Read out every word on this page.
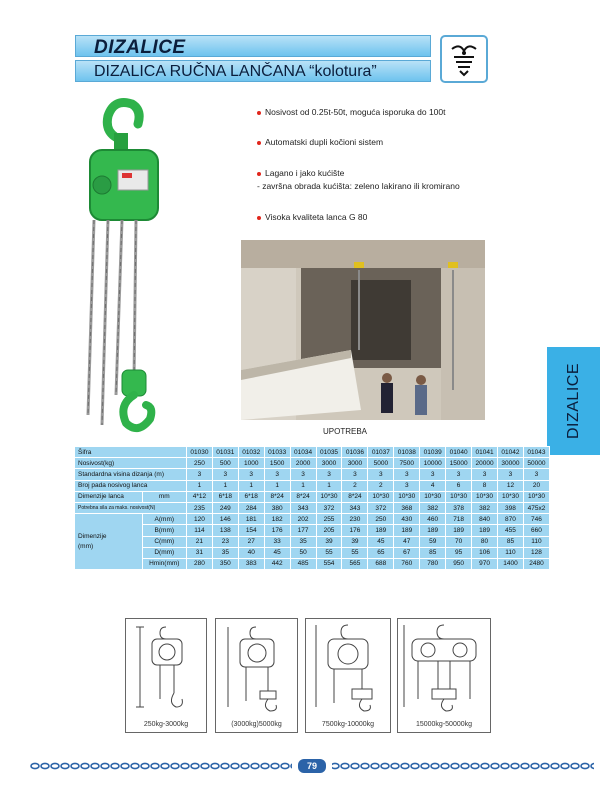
DIZALICE
DIZALICA RUČNA LANČANA “kolotura”
DIZALICE
Nosivost od 0.25t-50t, moguća isporuka do 100t
Automatski dupli kočioni sistem
Lagano i jako kućište
- završna obrada kućišta: zeleno lakirano ili kromirano
Visoka kvaliteta lanca G 80
UPOTREBA
Šifra		01030	01031	01032	01033	01034	01035	01036	01037	01038	01039	01040	01041	01042	01043
Nosivost(kg)		250	500	1000	1500	2000	3000	3000	5000	7500	10000	15000	20000	30000	50000
Standardna visina dizanja (m)		3	3	3	3	3	3	3	3	3	3	3	3	3	3
Broj pada nosivog lanca		1	1	1	1	1	1	2	2	3	4	6	8	12	20
Dimenzije lanca	mm	4*12	6*18	6*18	8*24	8*24	10*30	8*24	10*30	10*30	10*30	10*30	10*30	10*30	10*30
Potrebna sila za maks. nosivost(N)		235	249	284	380	343	372	343	372	368	382	378	382	398	475x2
Dimenzije
(mm)	A(mm)	120	146	181	182	202	255	230	250	430	460	718	840	870	746
	B(mm)	114	138	154	176	177	205	176	189	189	189	189	189	455	660
	C(mm)	21	23	27	33	35	39	39	45	47	59	70	80	85	110
	D(mm)	31	35	40	45	50	55	55	65	67	85	95	106	110	128
	Hmin(mm)	280	350	383	442	485	554	565	688	760	780	950	970	1400	2480
250kg-3000kg	(3000kg)5000kg	7500kg-10000kg	15000kg-50000kg
79
